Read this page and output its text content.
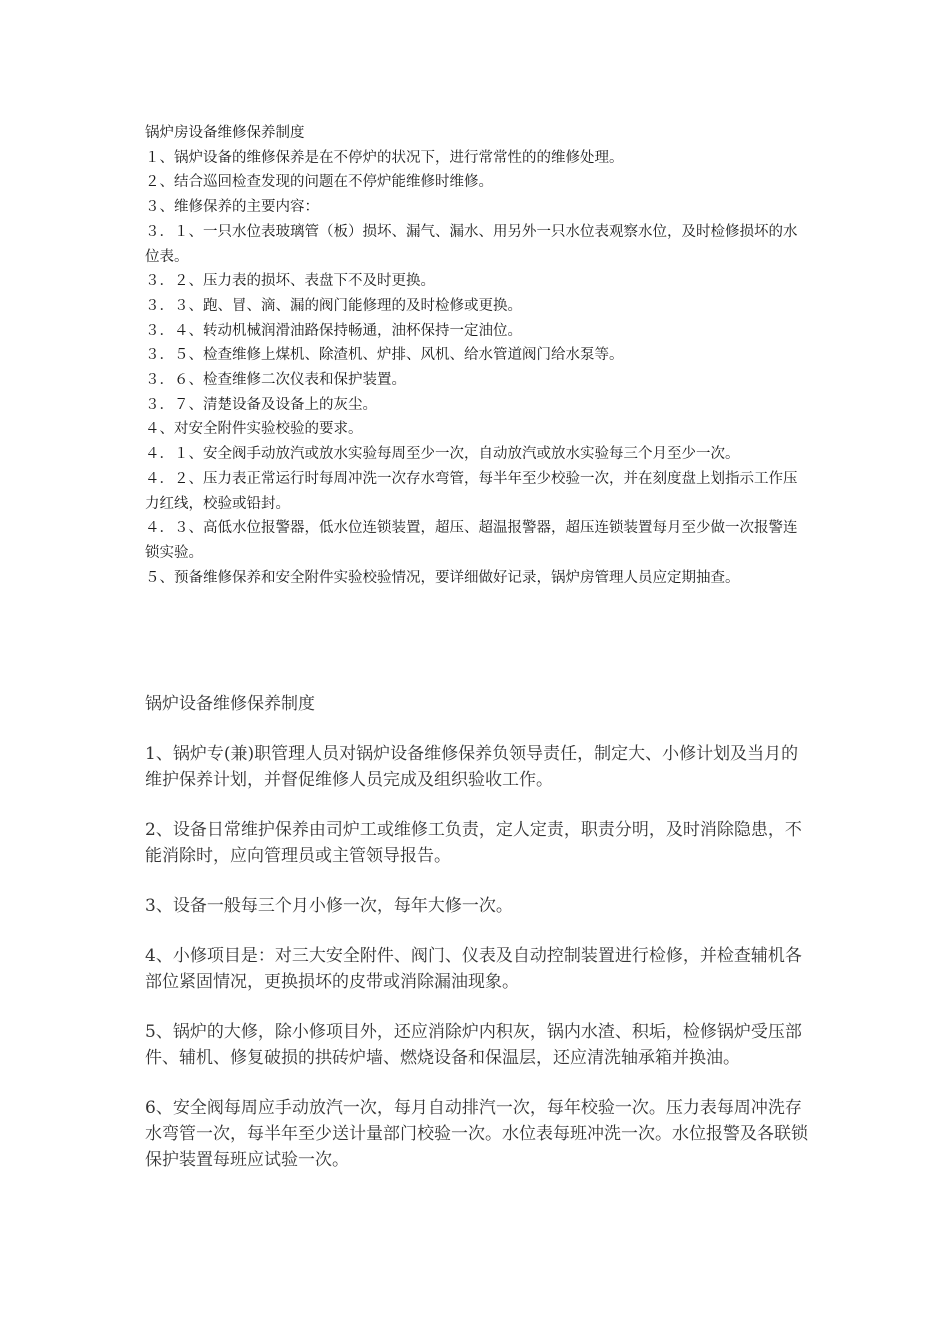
锅炉房设备维修保养制度

１、锅炉设备的维修保养是在不停炉的状况下，进行常常性的的维修处理。

２、结合巡回检查发现的问题在不停炉能维修时维修。

３、维修保养的主要内容：

３．１、一只水位表玻璃管（板）损坏、漏气、漏水、用另外一只水位表观察水位，及时检修损坏的水位表。

３．２、压力表的损坏、表盘下不及时更换。

３．３、跑、冒、滴、漏的阀门能修理的及时检修或更换。

３．４、转动机械润滑油路保持畅通，油杯保持一定油位。

３．５、检查维修上煤机、除渣机、炉排、风机、给水管道阀门给水泵等。

３．６、检查维修二次仪表和保护装置。

３．７、清楚设备及设备上的灰尘。

４、对安全附件实验校验的要求。

４．１、安全阀手动放汽或放水实验每周至少一次，自动放汽或放水实验每三个月至少一次。

４．２、压力表正常运行时每周冲洗一次存水弯管，每半年至少校验一次，并在刻度盘上划指示工作压力红线，校验或铅封。

４．３、高低水位报警器，低水位连锁装置，超压、超温报警器，超压连锁装置每月至少做一次报警连锁实验。

５、预备维修保养和安全附件实验校验情况，要详细做好记录，锅炉房管理人员应定期抽查。

锅炉设备维修保养制度

1、锅炉专(兼)职管理人员对锅炉设备维修保养负领导责任，制定大、小修计划及当月的维护保养计划，并督促维修人员完成及组织验收工作。

2、设备日常维护保养由司炉工或维修工负责，定人定责，职责分明，及时消除隐患，不能消除时，应向管理员或主管领导报告。

3、设备一般每三个月小修一次，每年大修一次。

4、小修项目是：对三大安全附件、阀门、仪表及自动控制装置进行检修，并检查辅机各部位紧固情况，更换损坏的皮带或消除漏油现象。

5、锅炉的大修，除小修项目外，还应消除炉内积灰，锅内水渣、积垢，检修锅炉受压部件、辅机、修复破损的拱砖炉墙、燃烧设备和保温层，还应清洗轴承箱并换油。

6、安全阀每周应手动放汽一次，每月自动排汽一次，每年校验一次。压力表每周冲洗存水弯管一次，每半年至少送计量部门校验一次。水位表每班冲洗一次。水位报警及各联锁保护装置每班应试验一次。
